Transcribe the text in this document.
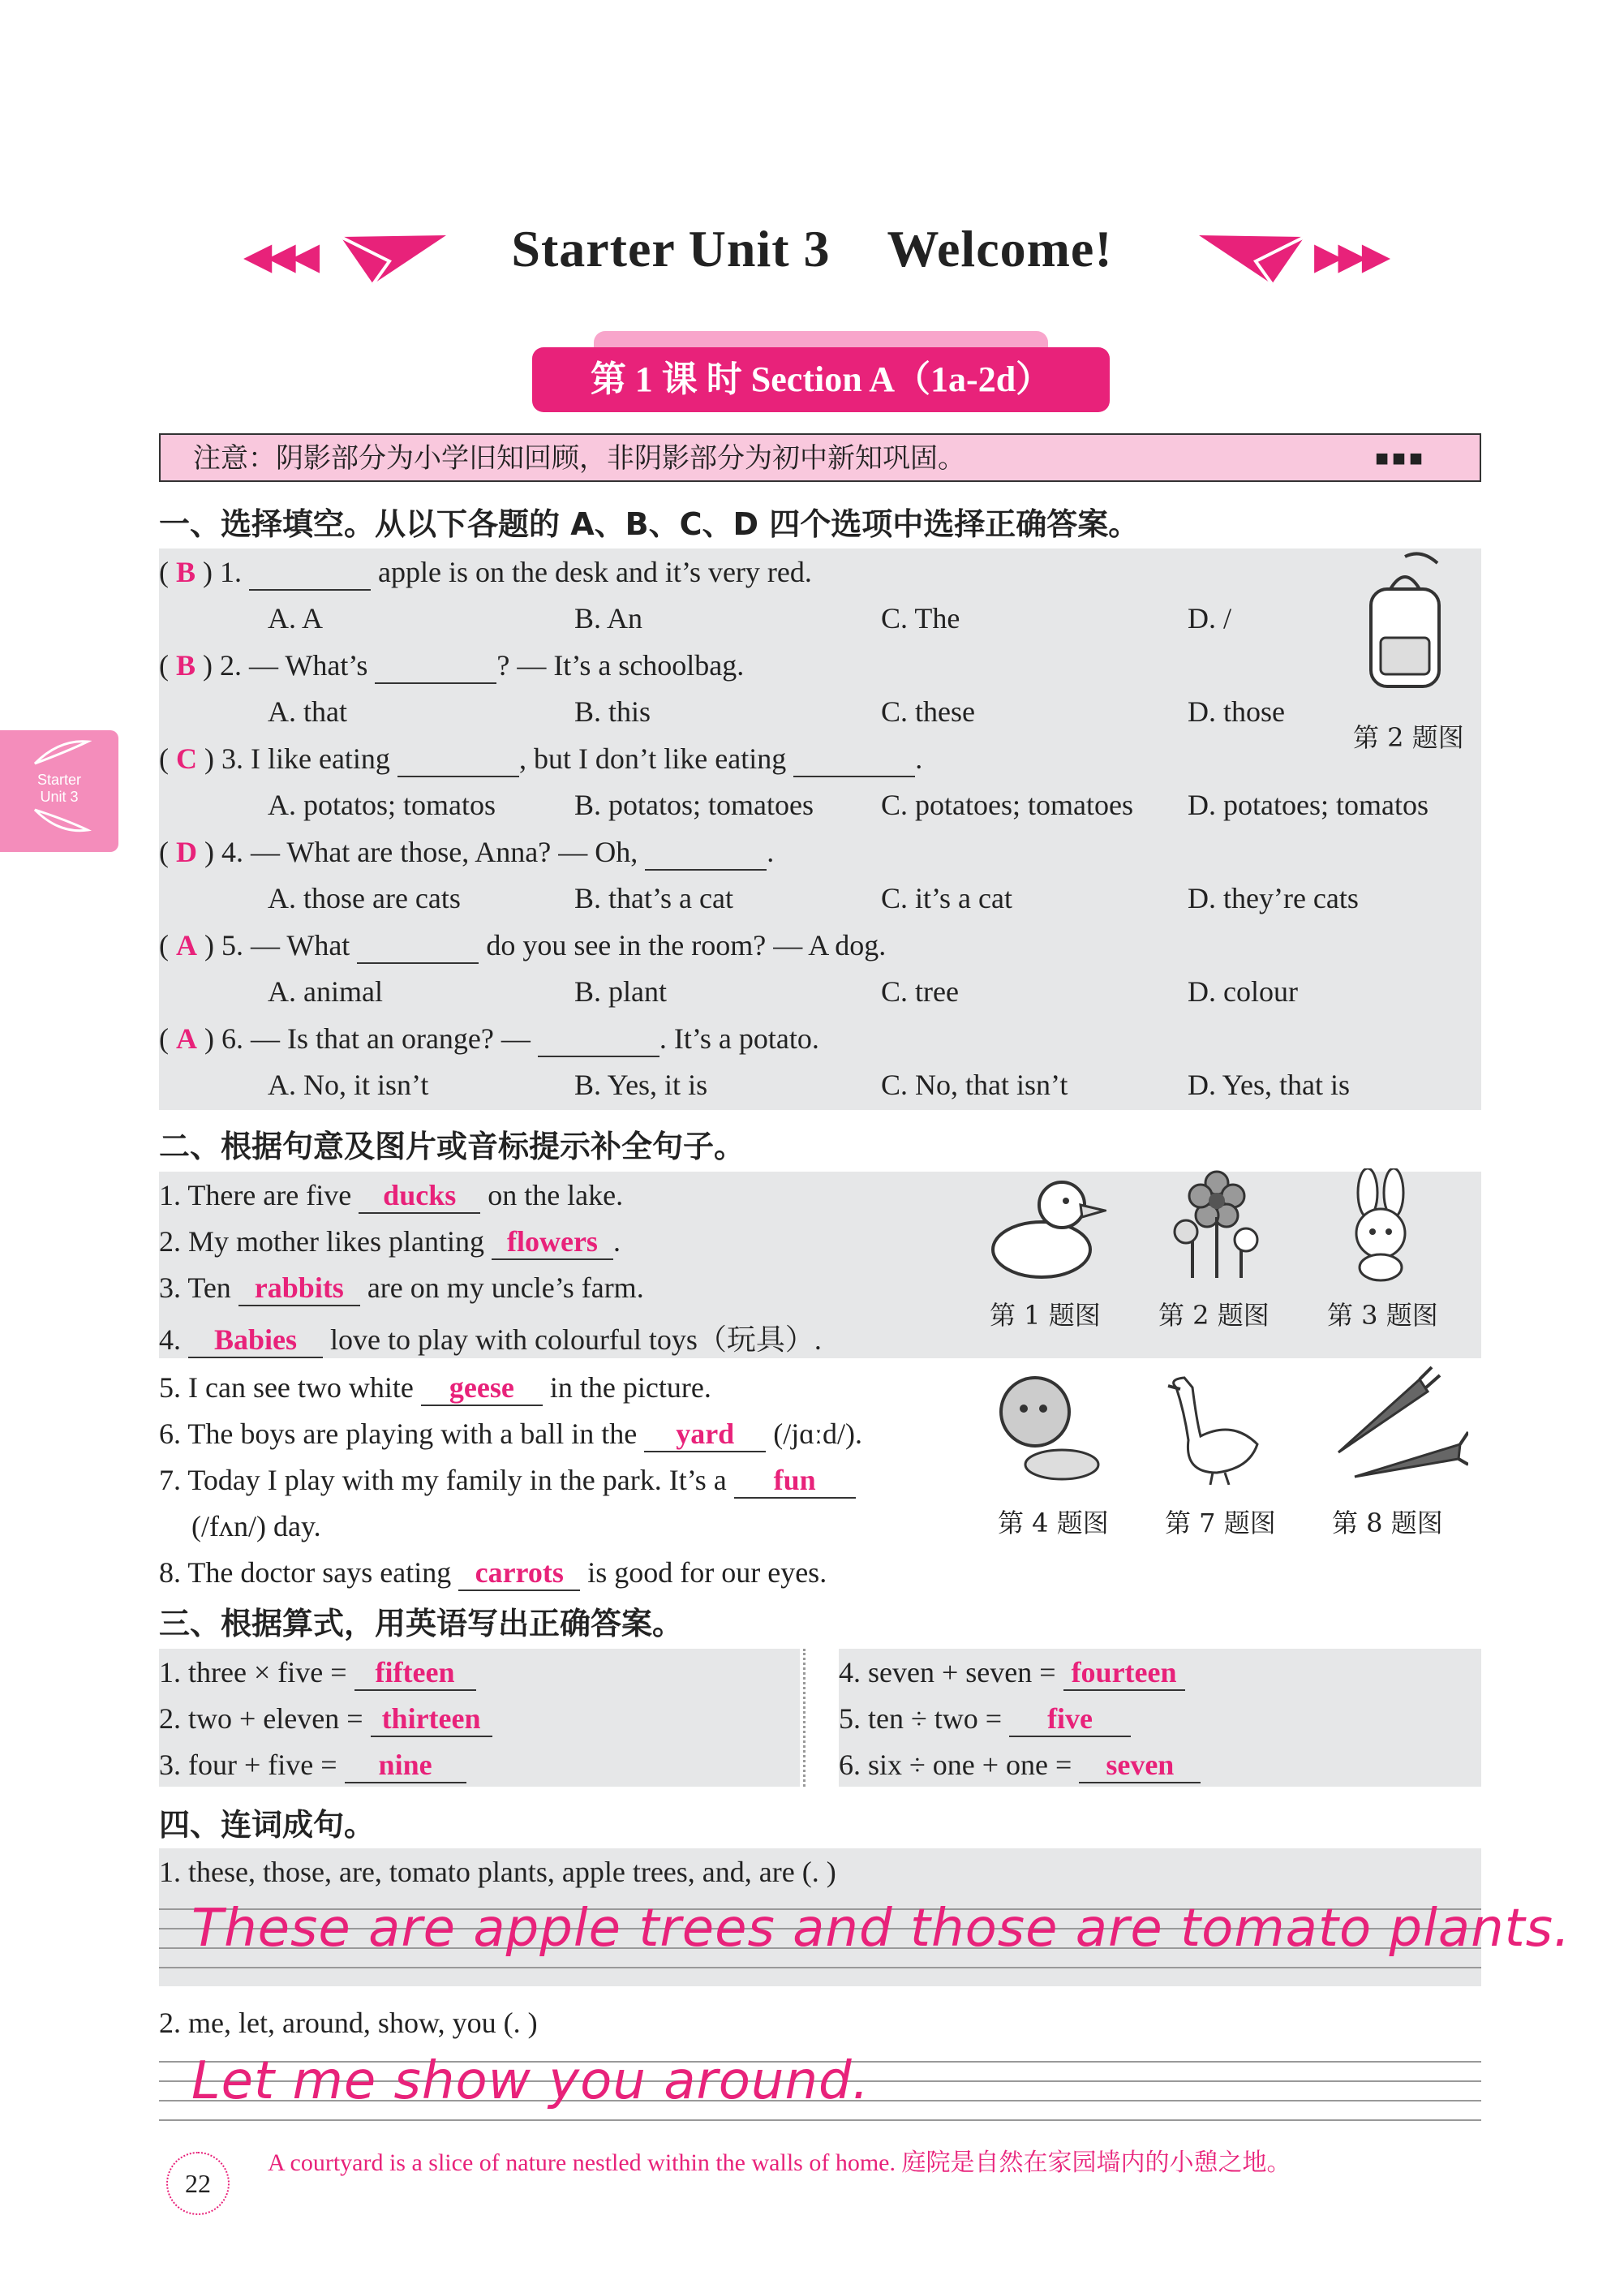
◀◀◀	Starter Unit 3 Welcome!	▶▶▶
第 1 课 时 Section A（1a-2d）
注意：阴影部分为小学旧知回顾，非阴影部分为初中新知巩固。	■■■
Starter
Unit 3
一、选择填空。从以下各题的 A、B、C、D 四个选项中选择正确答案。
( B ) 1.	apple is on the desk and it’s very red.
A. A	B. An	C. The	D. /
( B ) 2. — What’s	? — It’s a schoolbag.
A. that	B. this	C. these	D. those
( C ) 3. I like eating	, but I don’t like eating	.
A. potatos; tomatos	B. potatos; tomatoes C. potatoes; tomatoes D. potatoes; tomatos
( D ) 4. — What are those, Anna? — Oh,	.
A. those are cats	B. that’s a cat	C. it’s a cat	D. they’re cats
( A ) 5. — What	do you see in the room? — A dog.
A. animal	B. plant	C. tree	D. colour
( A ) 6. — Is that an orange? —	. It’s a potato.
A. No, it isn’t	B. Yes, it is	C. No, that isn’t	D. Yes, that is
第 2 题图
二、根据句意及图片或音标提示补全句子。
1. There are five ducks on the lake.
2. My mother likes planting flowers .
3. Ten rabbits are on my uncle’s farm.
4. Babies love to play with colourful toys（玩具）.
5. I can see two white geese in the picture.
6. The boys are playing with a ball in the yard (/jɑːd/).
7. Today I play with my family in the park. It’s a fun
(/fʌn/) day.
8. The doctor says eating carrots is good for our eyes.
第 1 题图 第 2 题图 第 3 题图
第 4 题图 第 7 题图 第 8 题图
三、根据算式，用英语写出正确答案。
1. three × five = fifteen
2. two + eleven = thirteen
3. four + five = nine
4. seven + seven = fourteen
5. ten ÷ two = five
6. six ÷ one + one = seven
四、连词成句。
1. these, those, are, tomato plants, apple trees, and, are (. )
These are apple trees and those are tomato plants.
2. me, let, around, show, you (. )
Let me show you around.
22
A courtyard is a slice of nature nestled within the walls of home. 庭院是自然在家园墙内的小憩之地。
